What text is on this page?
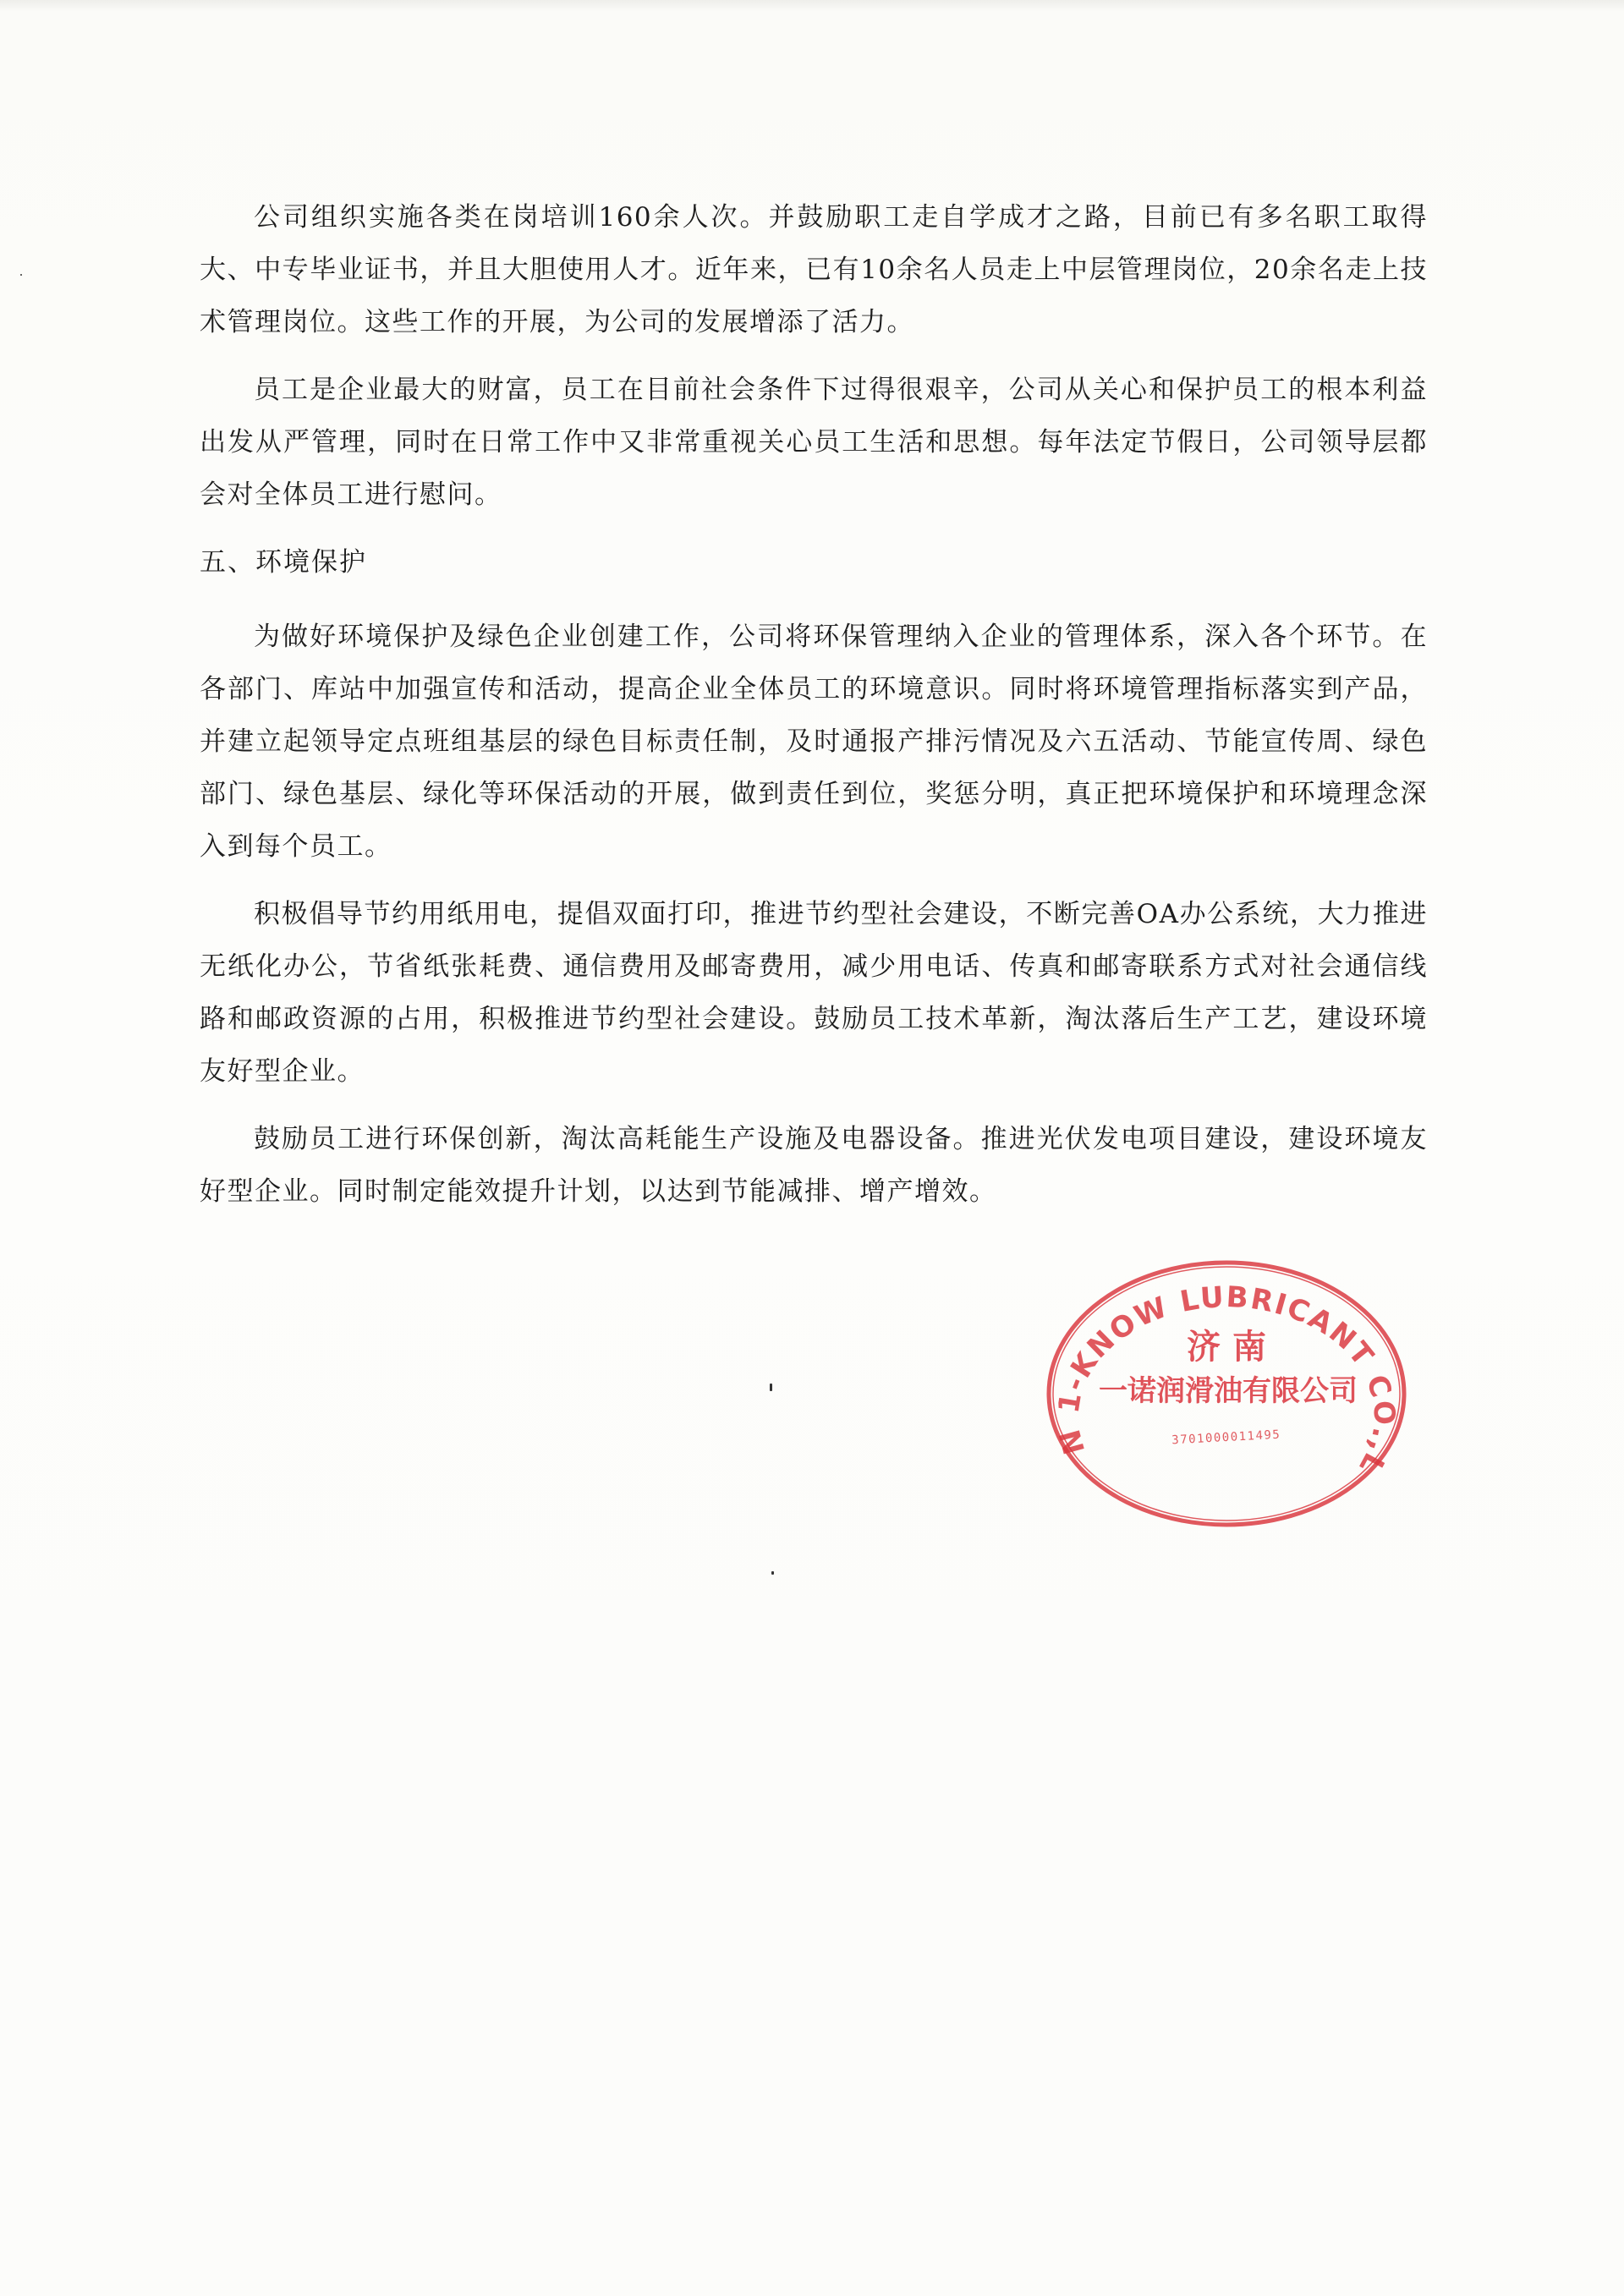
公司组织实施各类在岗培训160余人次。并鼓励职工走自学成才之路，目前已有多名职工取得大、中专毕业证书，并且大胆使用人才。近年来，已有10余名人员走上中层管理岗位，20余名走上技术管理岗位。这些工作的开展，为公司的发展增添了活力。

员工是企业最大的财富，员工在目前社会条件下过得很艰辛，公司从关心和保护员工的根本利益出发从严管理，同时在日常工作中又非常重视关心员工生活和思想。每年法定节假日，公司领导层都会对全体员工进行慰问。

五、环境保护

为做好环境保护及绿色企业创建工作，公司将环保管理纳入企业的管理体系，深入各个环节。在各部门、库站中加强宣传和活动，提高企业全体员工的环境意识。同时将环境管理指标落实到产品，并建立起领导定点班组基层的绿色目标责任制，及时通报产排污情况及六五活动、节能宣传周、绿色部门、绿色基层、绿化等环保活动的开展，做到责任到位，奖惩分明，真正把环境保护和环境理念深入到每个员工。

积极倡导节约用纸用电，提倡双面打印，推进节约型社会建设，不断完善OA办公系统，大力推进无纸化办公，节省纸张耗费、通信费用及邮寄费用，减少用电话、传真和邮寄联系方式对社会通信线路和邮政资源的占用，积极推进节约型社会建设。鼓励员工技术革新，淘汰落后生产工艺，建设环境友好型企业。

鼓励员工进行环保创新，淘汰高耗能生产设施及电器设备。推进光伏发电项目建设，建设环境友好型企业。同时制定能效提升计划，以达到节能减排、增产增效。

N 1-KNOW LUBRICANT CO.,L
济 南
一诺润滑油有限公司
3701000011495
